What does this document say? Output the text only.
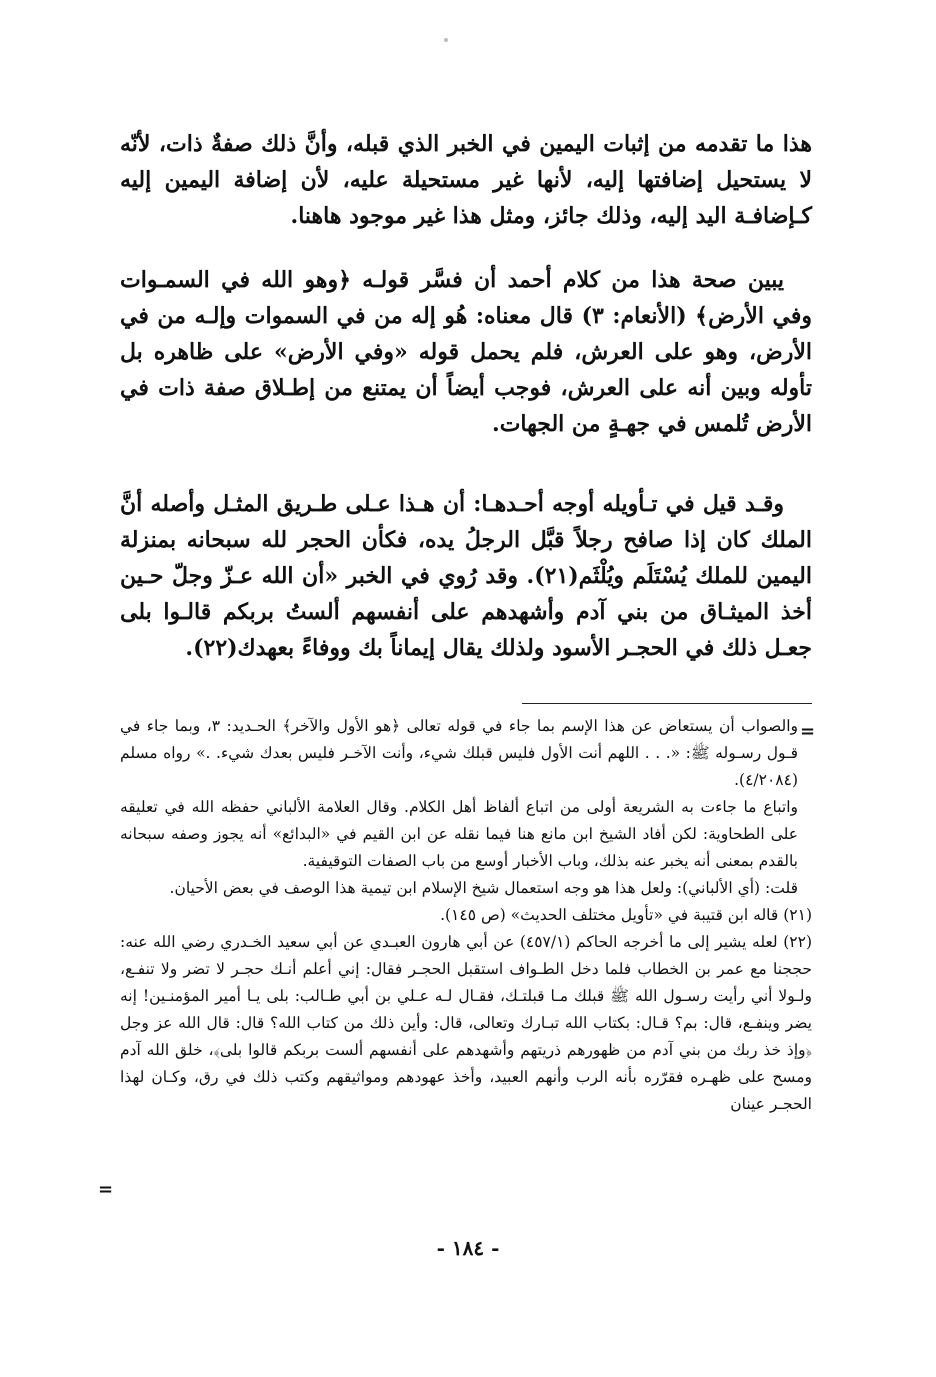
هذا ما تقدمه من إثبات اليمين في الخبر الذي قبله، وأنَّ ذلك صفةٌ ذات، لأنّه لا يستحيل إضافتها إليه، لأنها غير مستحيلة عليه، لأن إضافة اليمين إليه كـإضافـة اليد إليه، وذلك جائز، ومثل هذا غير موجود هاهنا.

يبين صحة هذا من كلام أحمد أن فسَّر قولـه ﴿وهو الله في السمـوات وفي الأرض﴾ (الأنعام: ٣) قال معناه: هُو إله من في السموات وإلـه من في الأرض، وهو على العرش، فلم يحمل قوله «وفي الأرض» على ظاهره بل تأوله وبين أنه على العرش، فوجب أيضاً أن يمتنع من إطـلاق صفة ذات في الأرض تُلمس في جهـةٍ من الجهات.

وقـد قيل في تـأويله أوجه أحـدهـا: أن هـذا عـلى طـريق المثـل وأصله أنَّ الملك كان إذا صافح رجلاً قبَّل الرجلُ يده، فكأن الحجر لله سبحانه بمنزلة اليمين للملك يُسْتَلَم ويُلْثَم(٢١). وقد رُوي في الخبر «أن الله عـزّ وجلّ حـين أخذ الميثـاق من بني آدم وأشهدهم على أنفسهم ألستُ بربكم قالـوا بلى جعـل ذلك في الحجـر الأسود ولذلك يقال إيماناً بك ووفاءً بعهدك(٢٢).

=

والصواب أن يستعاض عن هذا الإسم بما جاء في قوله تعالى ﴿هو الأول والآخر﴾ الحـديد: ٣، وبما جاء في قـول رسـوله ﷺ: «. . . اللهم أنت الأول فليس قبلك شيء، وأنت الآخـر فليس بعدك شيء. .» رواه مسلم (٤/٢٠٨٤).

واتباع ما جاءت به الشريعة أولى من اتباع ألفاظ أهل الكلام. وقال العلامة الألباني حفظه الله في تعليقه على الطحاوية: لكن أفاد الشيخ ابن مانع هنا فيما نقله عن ابن القيم في «البدائع» أنه يجوز وصفه سبحانه بالقدم بمعنى أنه يخبر عنه بذلك، وباب الأخبار أوسع من باب الصفات التوقيفية.

قلت: (أي الألباني): ولعل هذا هو وجه استعمال شيخ الإسلام ابن تيمية هذا الوصف في بعض الأحيان.

(٢١) قاله ابن قتيبة في «تأويل مختلف الحديث» (ص ١٤٥).

(٢٢) لعله يشير إلى ما أخرجه الحاكم (٤٥٧/١) عن أبي هارون العبـدي عن أبي سعيد الخـدري رضي الله عنه: حججنا مع عمر بن الخطاب فلما دخل الطـواف استقبل الحجـر فقال: إني أعلم أنـك حجـر لا تضر ولا تنفـع، ولـولا أني رأيت رسـول الله ﷺ قبلك مـا قبلتـك، فقـال لـه عـلي بن أبي طـالب: بلى يـا أمير المؤمنـين! إنه يضر وينفـع، قال: بم؟ قـال: بكتاب الله تبـارك وتعالى، قال: وأين ذلك من كتاب الله؟ قال: قال الله عز وجل ﴿وإذ خذ ربك من بني آدم من ظهورهم ذريتهم وأشهدهم على أنفسهم ألست بربكم قالوا بلى﴾، خلق الله آدم ومسح على ظهـره فقرّره بأنه الرب وأنهم العبيد، وأخذ عهودهم ومواثيقهم وكتب ذلك في رق، وكـان لهذا الحجـر عينان

=
- ١٨٤ -
